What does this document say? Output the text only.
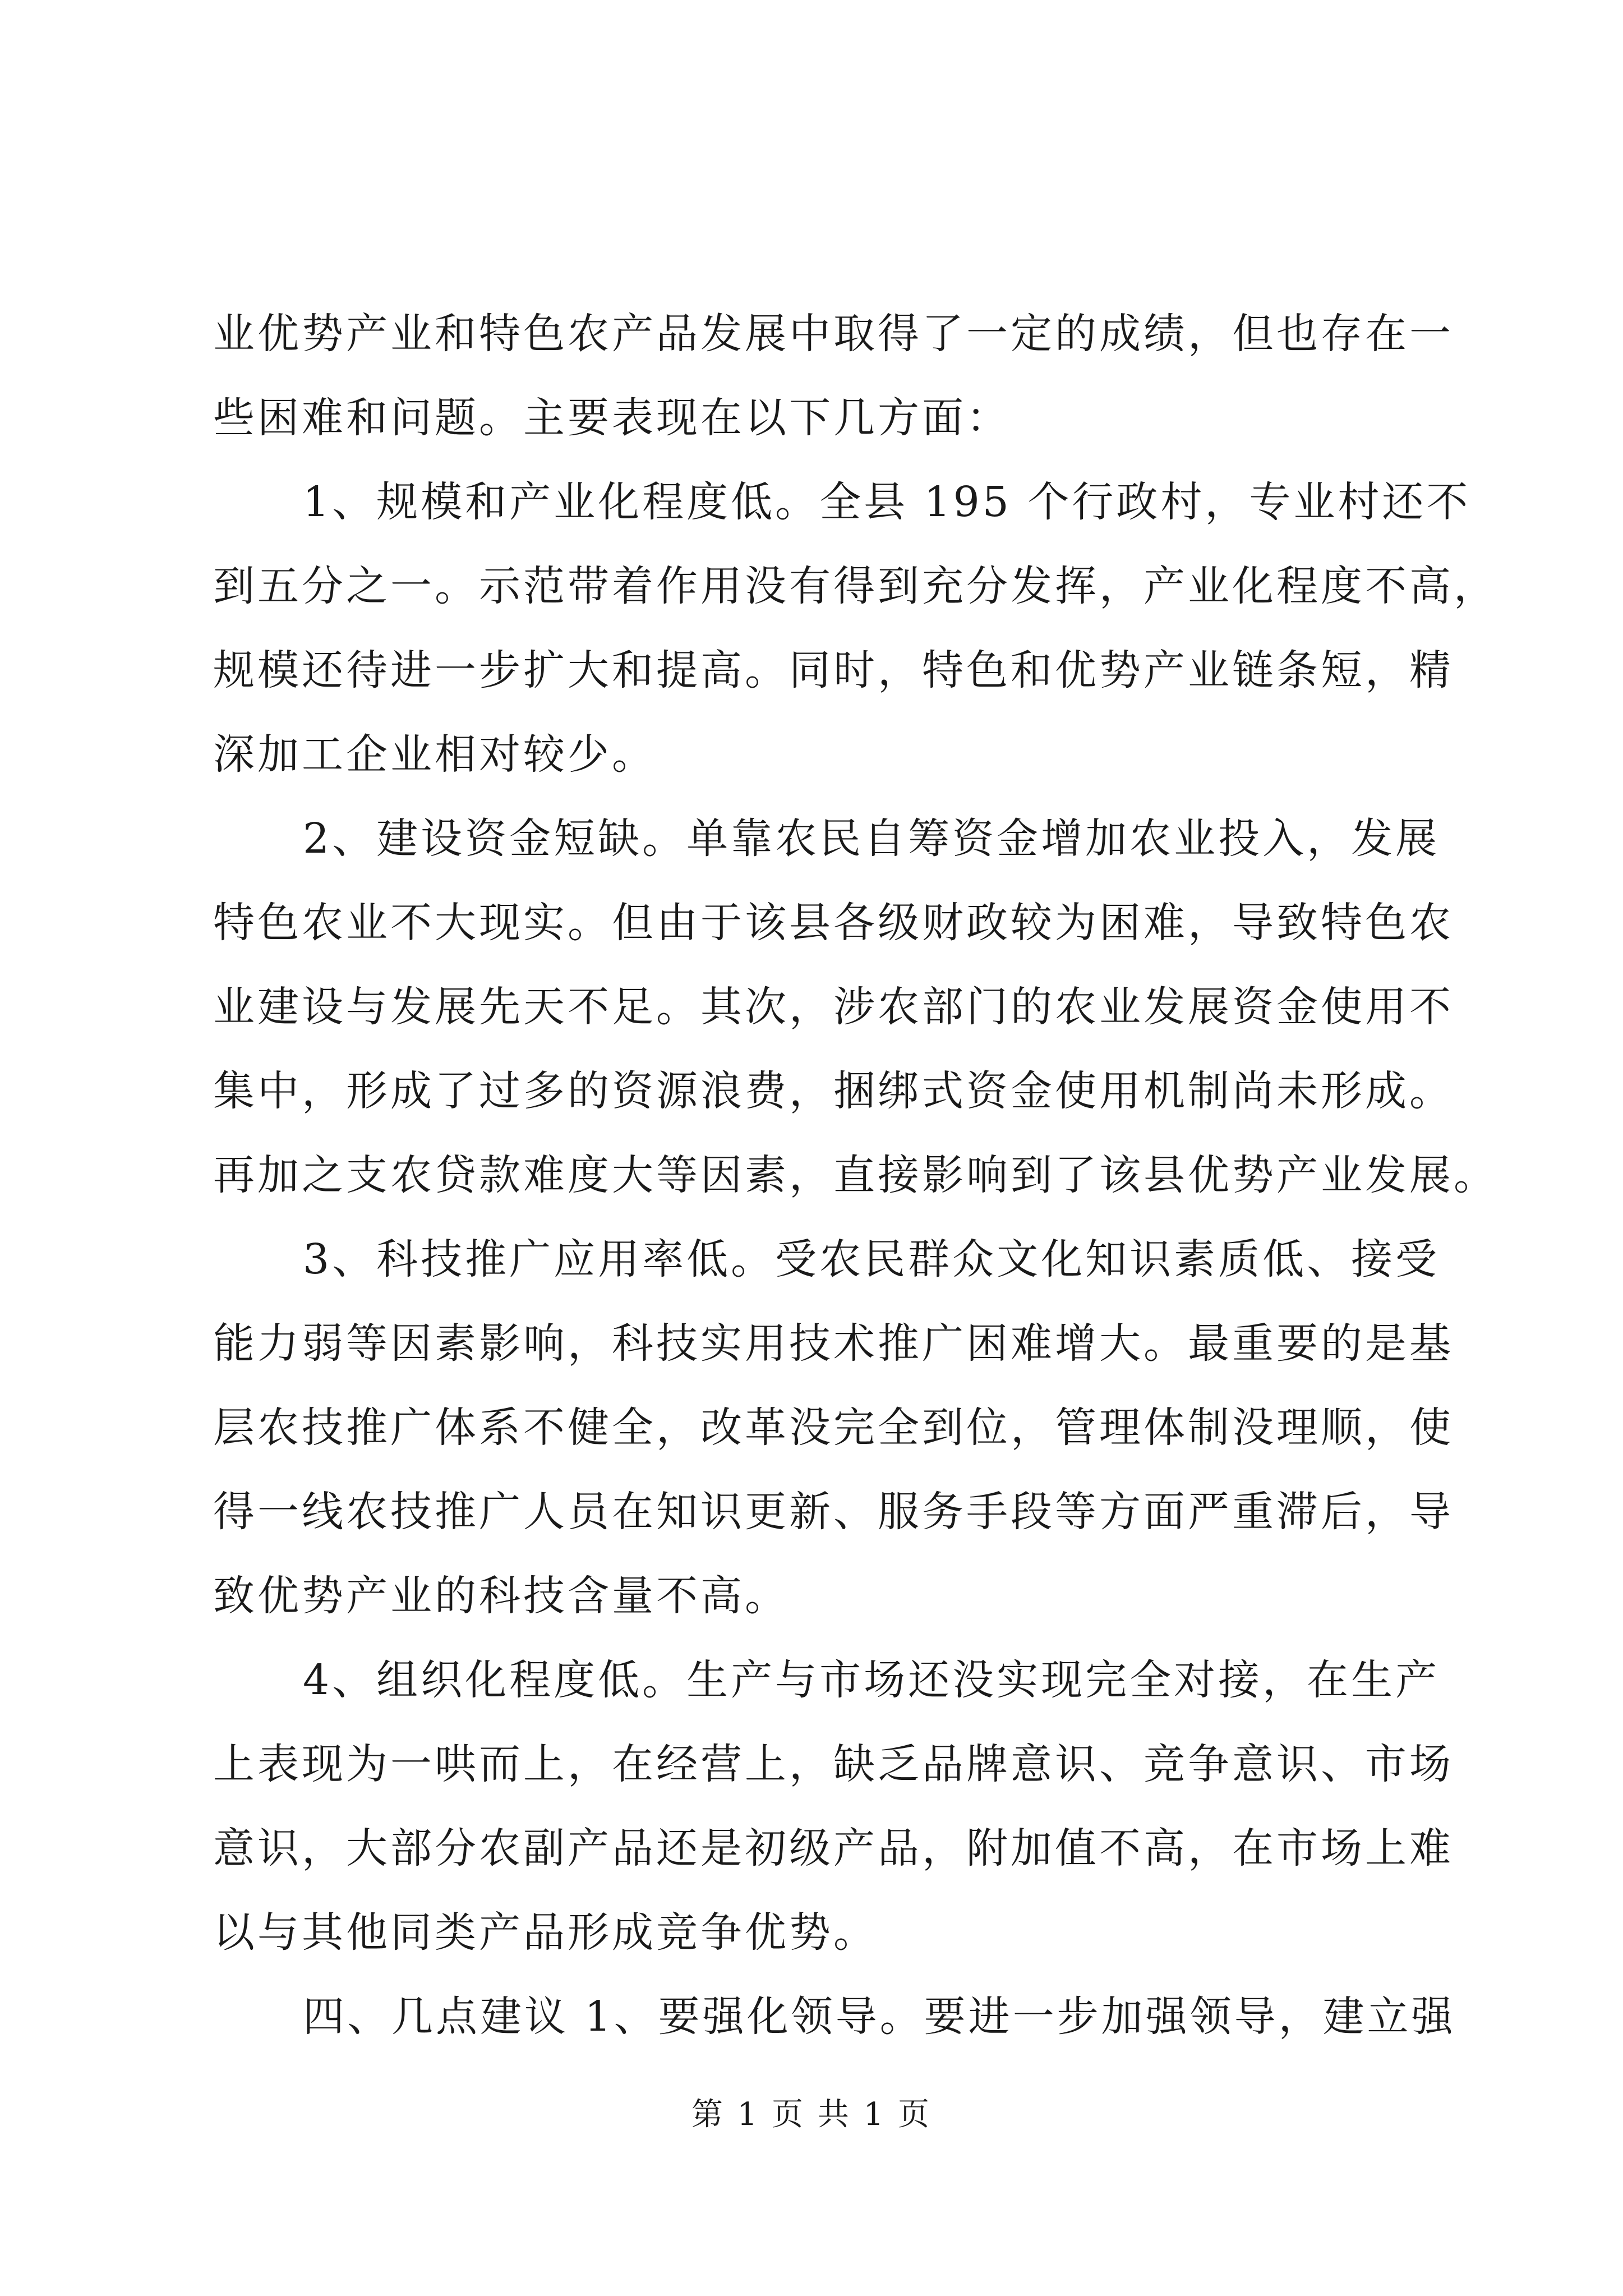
业优势产业和特色农产品发展中取得了一定的成绩，但也存在一
些困难和问题。主要表现在以下几方面：
1、规模和产业化程度低。全县 195 个行政村，专业村还不
到五分之一。示范带着作用没有得到充分发挥，产业化程度不高，
规模还待进一步扩大和提高。同时，特色和优势产业链条短，精
深加工企业相对较少。
2、建设资金短缺。单靠农民自筹资金增加农业投入，发展
特色农业不大现实。但由于该县各级财政较为困难，导致特色农
业建设与发展先天不足。其次，涉农部门的农业发展资金使用不
集中，形成了过多的资源浪费，捆绑式资金使用机制尚未形成。
再加之支农贷款难度大等因素，直接影响到了该县优势产业发展。
3、科技推广应用率低。受农民群众文化知识素质低、接受
能力弱等因素影响，科技实用技术推广困难增大。最重要的是基
层农技推广体系不健全，改革没完全到位，管理体制没理顺，使
得一线农技推广人员在知识更新、服务手段等方面严重滞后，导
致优势产业的科技含量不高。
4、组织化程度低。生产与市场还没实现完全对接，在生产
上表现为一哄而上，在经营上，缺乏品牌意识、竞争意识、市场
意识，大部分农副产品还是初级产品，附加值不高，在市场上难
以与其他同类产品形成竞争优势。
四、几点建议 1、要强化领导。要进一步加强领导，建立强
第 1 页 共 1 页
